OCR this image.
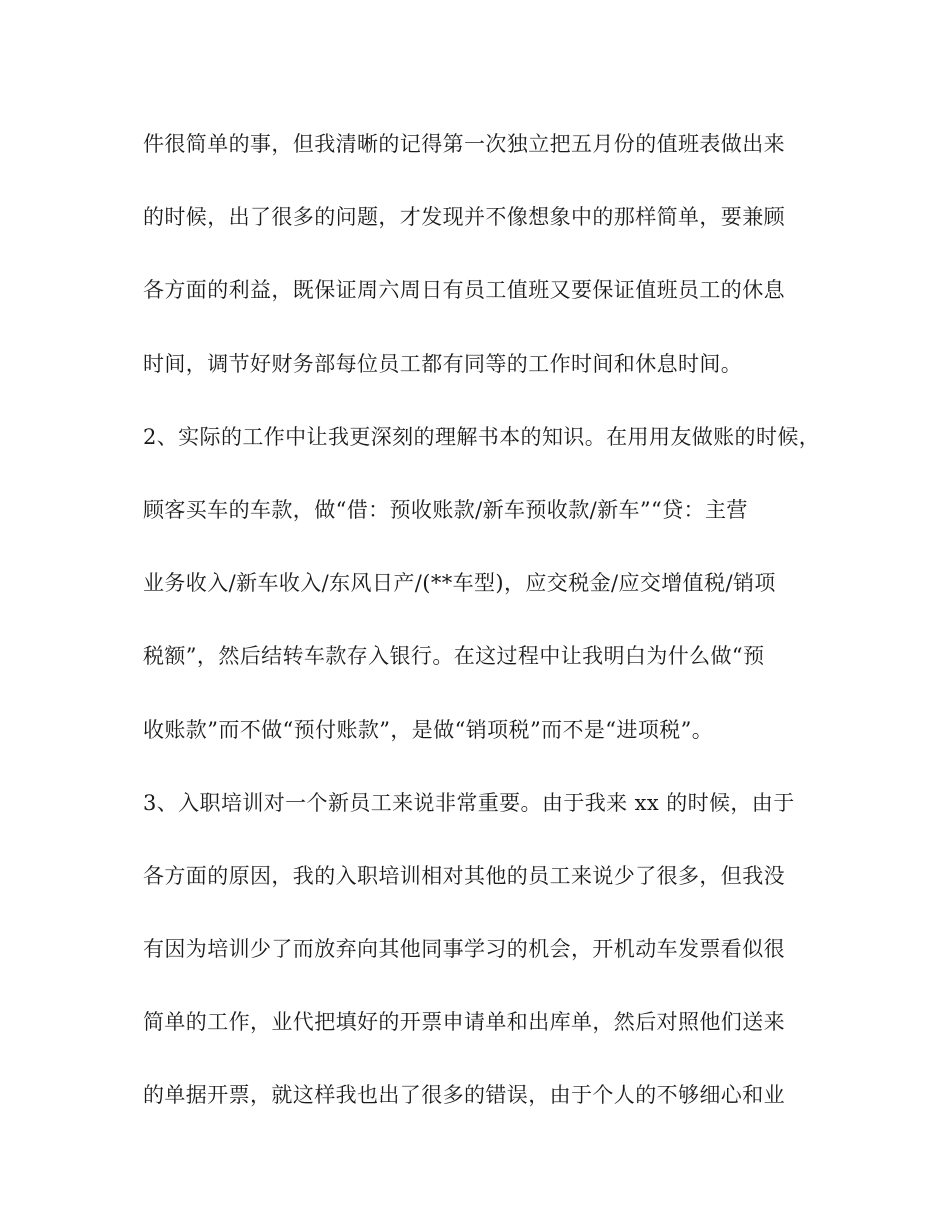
件很简单的事，但我清晰的记得第一次独立把五月份的值班表做出来
的时候，出了很多的问题，才发现并不像想象中的那样简单，要兼顾
各方面的利益，既保证周六周日有员工值班又要保证值班员工的休息
时间，调节好财务部每位员工都有同等的工作时间和休息时间。
2、实际的工作中让我更深刻的理解书本的知识。在用用友做账的时候，
顾客买车的车款，做“借：预收账款/新车预收款/新车”“贷：主营
业务收入/新车收入/东风日产/(**车型)，应交税金/应交增值税/销项
税额”，然后结转车款存入银行。在这过程中让我明白为什么做“预
收账款”而不做“预付账款”，是做“销项税”而不是“进项税”。
3、入职培训对一个新员工来说非常重要。由于我来 xx 的时候，由于
各方面的原因，我的入职培训相对其他的员工来说少了很多，但我没
有因为培训少了而放弃向其他同事学习的机会，开机动车发票看似很
简单的工作，业代把填好的开票申请单和出库单，然后对照他们送来
的单据开票，就这样我也出了很多的错误，由于个人的不够细心和业
